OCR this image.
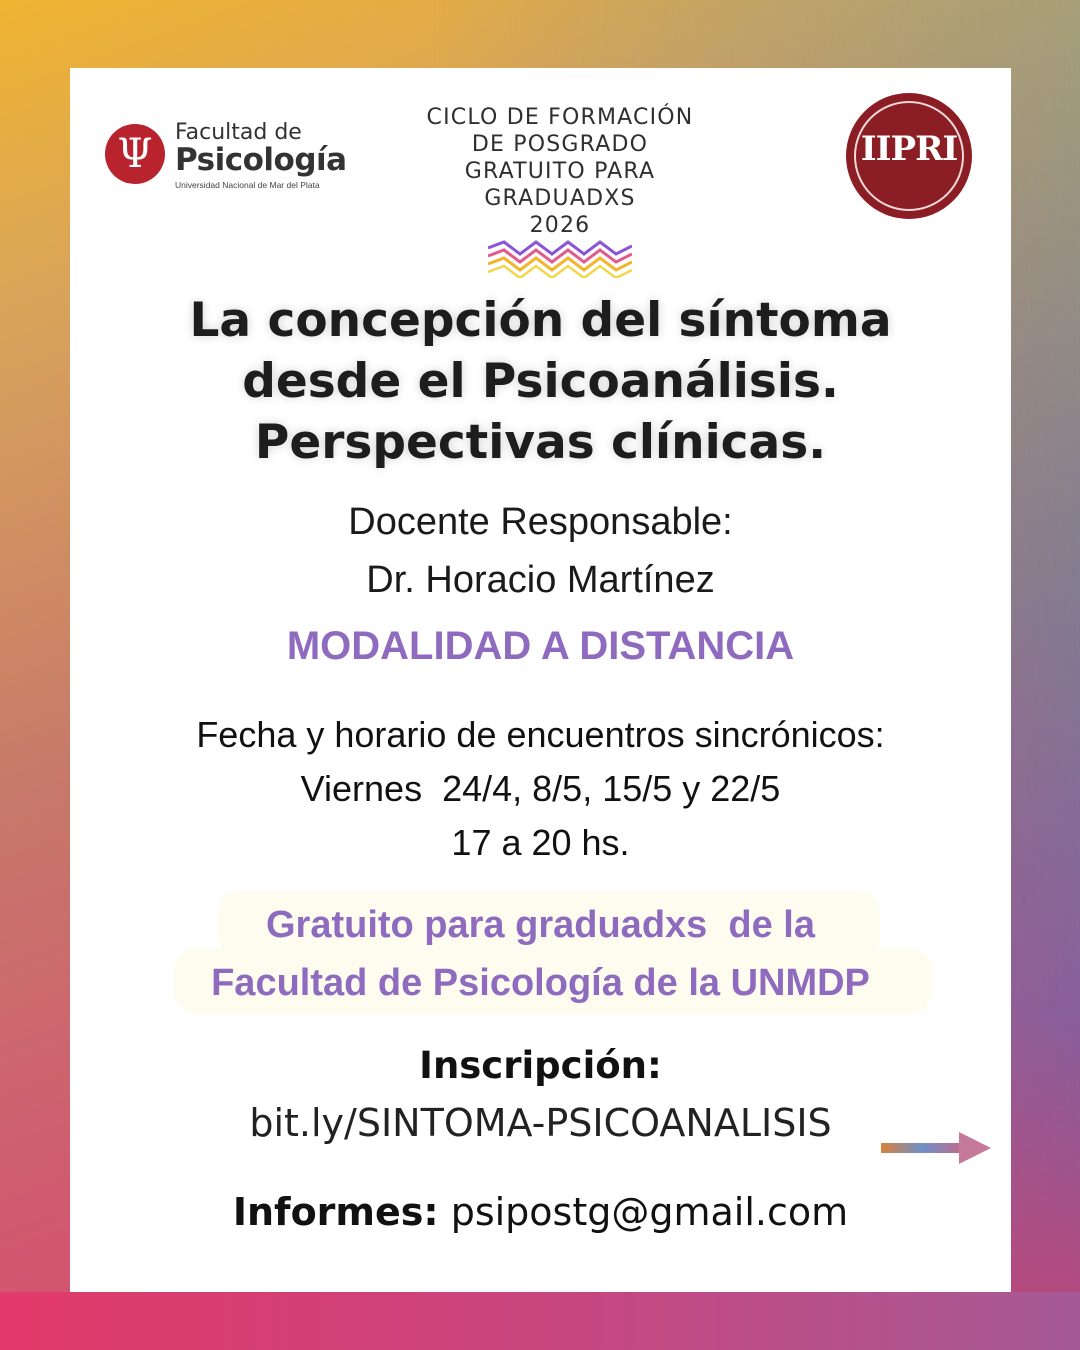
Ψ	Facultad de
Psicología
Universidad Nacional de Mar del Plata
CICLO DE FORMACIÓN
DE POSGRADO
GRATUITO PARA
GRADUADXS
2026
IIPRI
La concepción del síntoma
desde el Psicoanálisis.
Perspectivas clínicas.
Docente Responsable:
Dr. Horacio Martínez
MODALIDAD A DISTANCIA
Fecha y horario de encuentros sincrónicos:
Viernes  24/4, 8/5, 15/5 y 22/5
17 a 20 hs.
Gratuito para graduadxs  de la
Facultad de Psicología de la UNMDP
Inscripción:
bit.ly/SINTOMA-PSICOANALISIS
Informes: psipostg@gmail.com
